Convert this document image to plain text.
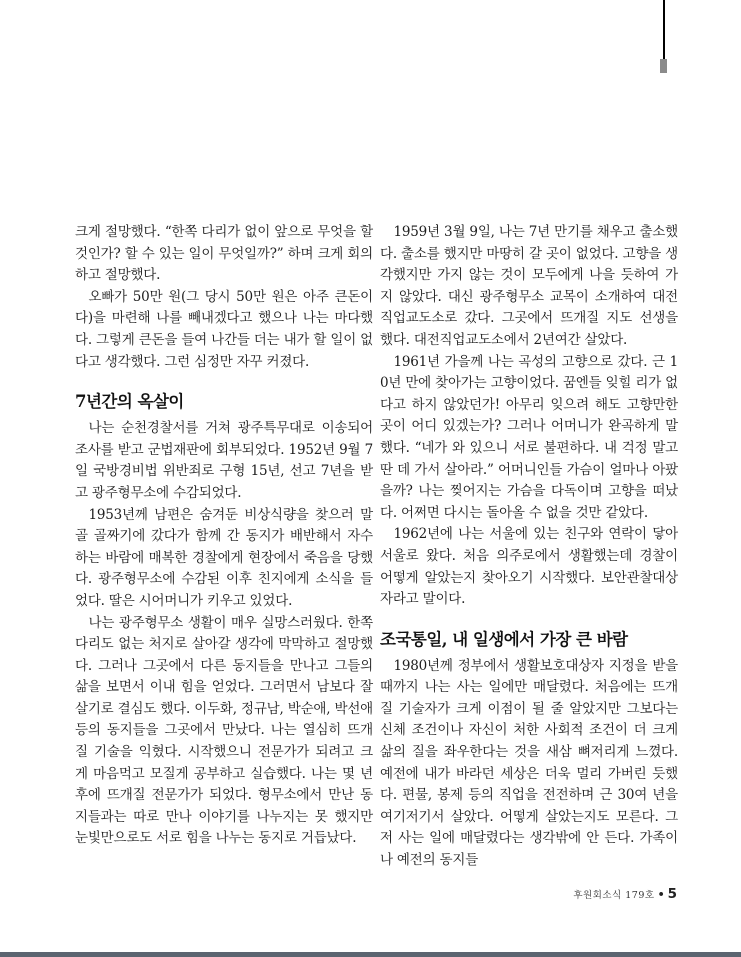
크게 절망했다. “한쪽 다리가 없이 앞으로 무엇을 할 것인가? 할 수 있는 일이 무엇일까?” 하며 크게 회의하고 절망했다.

오빠가 50만 원(그 당시 50만 원은 아주 큰돈이다)을 마련해 나를 빼내겠다고 했으나 나는 마다했다. 그렇게 큰돈을 들여 나간들 더는 내가 할 일이 없다고 생각했다. 그런 심정만 자꾸 커졌다.

7년간의 옥살이

나는 순천경찰서를 거쳐 광주특무대로 이송되어 조사를 받고 군법재판에 회부되었다. 1952년 9월 7일 국방경비법 위반죄로 구형 15년, 선고 7년을 받고 광주형무소에 수감되었다.

1953년께 남편은 숨겨둔 비상식량을 찾으러 말골 골짜기에 갔다가 함께 간 동지가 배반해서 자수하는 바람에 매복한 경찰에게 현장에서 죽음을 당했다. 광주형무소에 수감된 이후 친지에게 소식을 들었다. 딸은 시어머니가 키우고 있었다.

나는 광주형무소 생활이 매우 실망스러웠다. 한쪽 다리도 없는 처지로 살아갈 생각에 막막하고 절망했다. 그러나 그곳에서 다른 동지들을 만나고 그들의 삶을 보면서 이내 힘을 얻었다. 그러면서 남보다 잘 살기로 결심도 했다. 이두화, 정규남, 박순애, 박선애 등의 동지들을 그곳에서 만났다. 나는 열심히 뜨개질 기술을 익혔다. 시작했으니 전문가가 되려고 크게 마음먹고 모질게 공부하고 실습했다. 나는 몇 년 후에 뜨개질 전문가가 되었다. 형무소에서 만난 동지들과는 따로 만나 이야기를 나누지는 못 했지만 눈빛만으로도 서로 힘을 나누는 동지로 거듭났다.

1959년 3월 9일, 나는 7년 만기를 채우고 출소했다. 출소를 했지만 마땅히 갈 곳이 없었다. 고향을 생각했지만 가지 않는 것이 모두에게 나을 듯하여 가지 않았다. 대신 광주형무소 교목이 소개하여 대전직업교도소로 갔다. 그곳에서 뜨개질 지도 선생을 했다. 대전직업교도소에서 2년여간 살았다.

1961년 가을께 나는 곡성의 고향으로 갔다. 근 10년 만에 찾아가는 고향이었다. 꿈엔들 잊힐 리가 없다고 하지 않았던가! 아무리 잊으려 해도 고향만한 곳이 어디 있겠는가? 그러나 어머니가 완곡하게 말했다. “네가 와 있으니 서로 불편하다. 내 걱정 말고 딴 데 가서 살아라.” 어머니인들 가슴이 얼마나 아팠을까? 나는 찢어지는 가슴을 다독이며 고향을 떠났다. 어쩌면 다시는 돌아올 수 없을 것만 같았다.

1962년에 나는 서울에 있는 친구와 연락이 닿아 서울로 왔다. 처음 의주로에서 생활했는데 경찰이 어떻게 알았는지 찾아오기 시작했다. 보안관찰대상자라고 말이다.

조국통일, 내 일생에서 가장 큰 바람

1980년께 정부에서 생활보호대상자 지정을 받을 때까지 나는 사는 일에만 매달렸다. 처음에는 뜨개질 기술자가 크게 이점이 될 줄 알았지만 그보다는 신체 조건이나 자신이 처한 사회적 조건이 더 크게 삶의 질을 좌우한다는 것을 새삼 뼈저리게 느꼈다. 예전에 내가 바라던 세상은 더욱 멀리 가버린 듯했다. 편물, 봉제 등의 직업을 전전하며 근 30여 년을 여기저기서 살았다. 어떻게 살았는지도 모른다. 그저 사는 일에 매달렸다는 생각밖에 안 든다. 가족이나 예전의 동지들

후원회소식 179호 • 5
